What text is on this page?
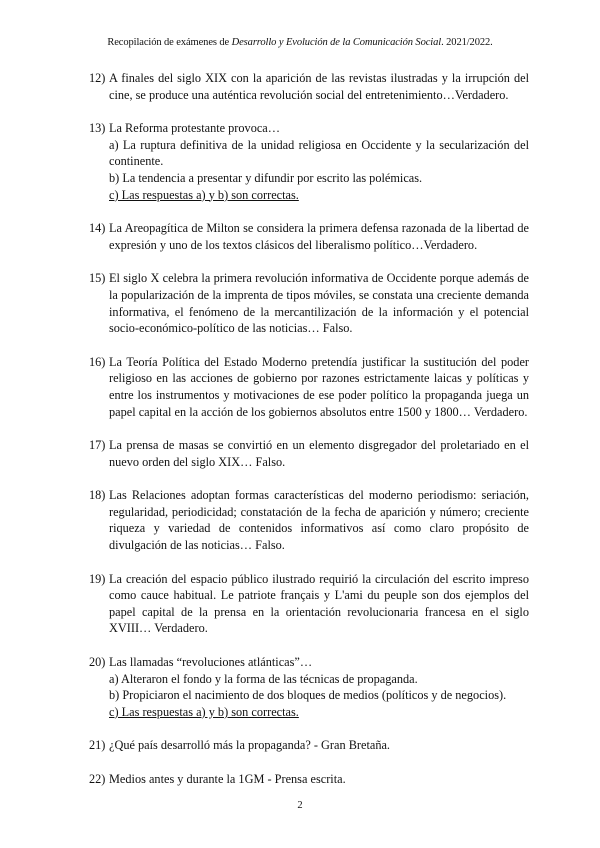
Recopilación de exámenes de Desarrollo y Evolución de la Comunicación Social. 2021/2022.
12) A finales del siglo XIX con la aparición de las revistas ilustradas y la irrupción del cine, se produce una auténtica revolución social del entretenimiento…Verdadero.
13) La Reforma protestante provoca…
a) La ruptura definitiva de la unidad religiosa en Occidente y la secularización del continente.
b) La tendencia a presentar y difundir por escrito las polémicas.
c) Las respuestas a) y b) son correctas.
14) La Areopagítica de Milton se considera la primera defensa razonada de la libertad de expresión y uno de los textos clásicos del liberalismo político…Verdadero.
15) El siglo X celebra la primera revolución informativa de Occidente porque además de la popularización de la imprenta de tipos móviles, se constata una creciente demanda informativa, el fenómeno de la mercantilización de la información y el potencial socio-económico-político de las noticias… Falso.
16) La Teoría Política del Estado Moderno pretendía justificar la sustitución del poder religioso en las acciones de gobierno por razones estrictamente laicas y políticas y entre los instrumentos y motivaciones de ese poder político la propaganda juega un papel capital en la acción de los gobiernos absolutos entre 1500 y 1800… Verdadero.
17) La prensa de masas se convirtió en un elemento disgregador del proletariado en el nuevo orden del siglo XIX… Falso.
18) Las Relaciones adoptan formas características del moderno periodismo: seriación, regularidad, periodicidad; constatación de la fecha de aparición y número; creciente riqueza y variedad de contenidos informativos así como claro propósito de divulgación de las noticias… Falso.
19) La creación del espacio público ilustrado requirió la circulación del escrito impreso como cauce habitual. Le patriote français y L'ami du peuple son dos ejemplos del papel capital de la prensa en la orientación revolucionaria francesa en el siglo XVIII… Verdadero.
20) Las llamadas “revoluciones atlánticas”…
a) Alteraron el fondo y la forma de las técnicas de propaganda.
b) Propiciaron el nacimiento de dos bloques de medios (políticos y de negocios).
c) Las respuestas a) y b) son correctas.
21) ¿Qué país desarrolló más la propaganda? - Gran Bretaña.
22) Medios antes y durante la 1GM - Prensa escrita.
2
